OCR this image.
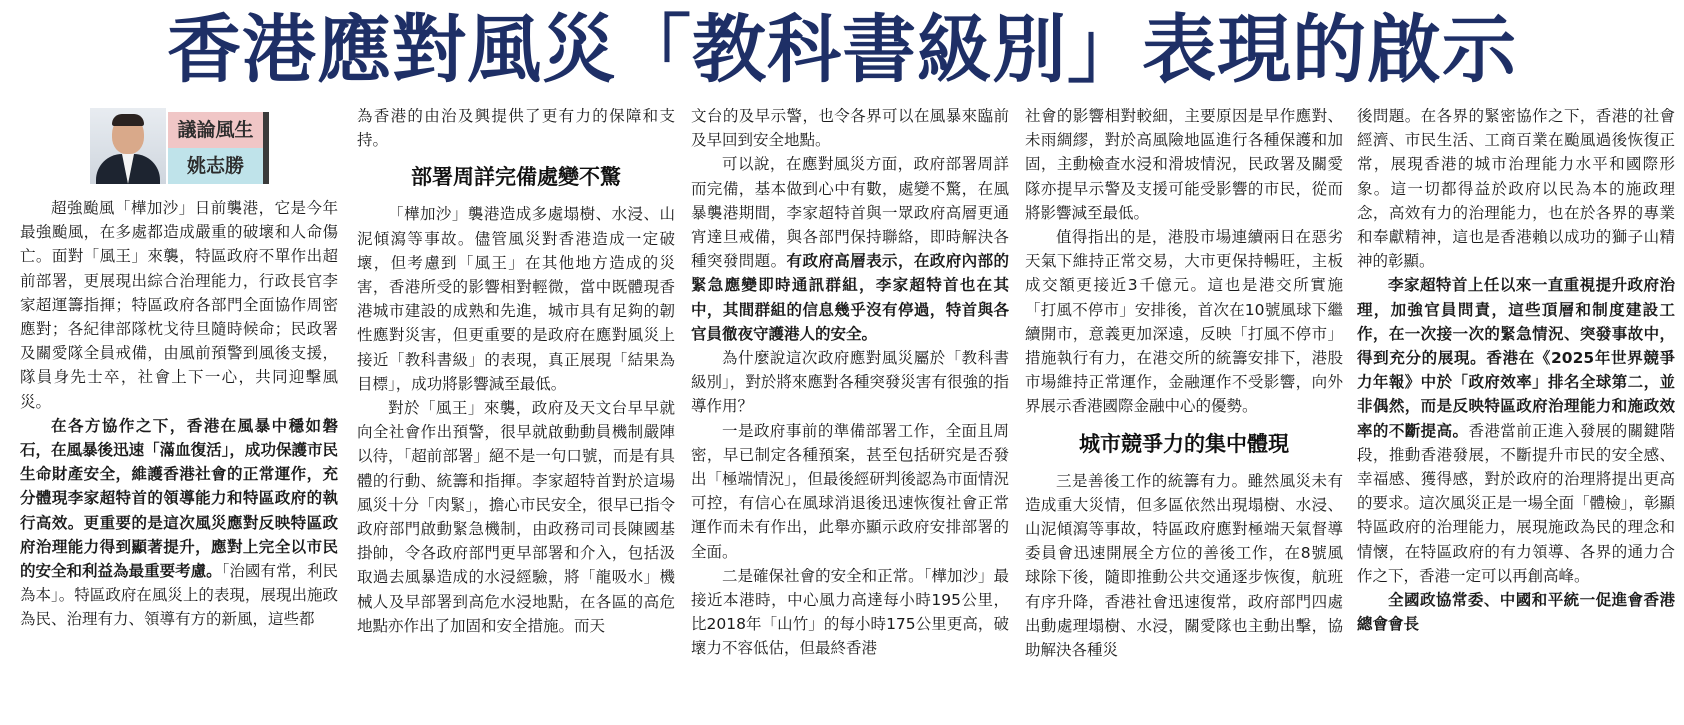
香港應對風災「教科書級別」表現的啟示
議論風生
姚志勝

超強颱風「樺加沙」日前襲港，它是今年最強颱風，在多處都造成嚴重的破壞和人命傷亡。面對「風王」來襲，特區政府不單作出超前部署，更展現出綜合治理能力，行政長官李家超運籌指揮；特區政府各部門全面協作周密應對；各紀律部隊枕戈待旦隨時候命；民政署及關愛隊全員戒備，由風前預警到風後支援，隊員身先士卒，社會上下一心，共同迎擊風災。

在各方協作之下，香港在風暴中穩如磐石，在風暴後迅速「滿血復活」，成功保護市民生命財產安全，維護香港社會的正常運作，充分體現李家超特首的領導能力和特區政府的執行高效。更重要的是這次風災應對反映特區政府治理能力得到顯著提升，應對上完全以市民的安全和利益為最重要考慮。「治國有常，利民為本」。特區政府在風災上的表現，展現出施政為民、治理有力、領導有方的新風，這些都

為香港的由治及興提供了更有力的保障和支持。

部署周詳完備處變不驚

「樺加沙」襲港造成多處塌樹、水浸、山泥傾瀉等事故。儘管風災對香港造成一定破壞，但考慮到「風王」在其他地方造成的災害，香港所受的影響相對輕微，當中既體現香港城市建設的成熟和先進，城市具有足夠的韌性應對災害，但更重要的是政府在應對風災上接近「教科書級」的表現，真正展現「結果為目標」，成功將影響減至最低。

對於「風王」來襲，政府及天文台早早就向全社會作出預警，很早就啟動動員機制嚴陣以待，「超前部署」絕不是一句口號，而是有具體的行動、統籌和指揮。李家超特首對於這場風災十分「肉緊」，擔心市民安全，很早已指令政府部門啟動緊急機制，由政務司司長陳國基掛帥，令各政府部門更早部署和介入，包括汲取過去風暴造成的水浸經驗，將「龍吸水」機械人及早部署到高危水浸地點，在各區的高危地點亦作出了加固和安全措施。而天

文台的及早示警，也令各界可以在風暴來臨前及早回到安全地點。

可以說，在應對風災方面，政府部署周詳而完備，基本做到心中有數，處變不驚，在風暴襲港期間，李家超特首與一眾政府高層更通宵達旦戒備，與各部門保持聯絡，即時解決各種突發問題。有政府高層表示，在政府內部的緊急應變即時通訊群組，李家超特首也在其中，其間群組的信息幾乎沒有停過，特首與各官員徹夜守護港人的安全。

為什麼說這次政府應對風災屬於「教科書級別」，對於將來應對各種突發災害有很強的指導作用？

一是政府事前的準備部署工作，全面且周密，早已制定各種預案，甚至包括研究是否發出「極端情況」，但最後經研判後認為市面情況可控，有信心在風球消退後迅速恢復社會正常運作而未有作出，此舉亦顯示政府安排部署的全面。

二是確保社會的安全和正常。「樺加沙」最接近本港時，中心風力高達每小時195公里，比2018年「山竹」的每小時175公里更高，破壞力不容低估，但最終香港

社會的影響相對較細，主要原因是早作應對、未雨綢繆，對於高風險地區進行各種保護和加固，主動檢查水浸和滑坡情況，民政署及關愛隊亦提早示警及支援可能受影響的市民，從而將影響減至最低。

值得指出的是，港股市場連續兩日在惡劣天氣下維持正常交易，大市更保持暢旺，主板成交額更接近3千億元。這也是港交所實施「打風不停市」安排後，首次在10號風球下繼續開市，意義更加深遠，反映「打風不停市」措施執行有力，在港交所的統籌安排下，港股市場維持正常運作，金融運作不受影響，向外界展示香港國際金融中心的優勢。

城市競爭力的集中體現

三是善後工作的統籌有力。雖然風災未有造成重大災情，但多區依然出現塌樹、水浸、山泥傾瀉等事故，特區政府應對極端天氣督導委員會迅速開展全方位的善後工作，在8號風球除下後，隨即推動公共交通逐步恢復，航班有序升降，香港社會迅速復常，政府部門四處出動處理塌樹、水浸，關愛隊也主動出擊，協助解決各種災

後問題。在各界的緊密協作之下，香港的社會經濟、市民生活、工商百業在颱風過後恢復正常，展現香港的城市治理能力水平和國際形象。這一切都得益於政府以民為本的施政理念，高效有力的治理能力，也在於各界的專業和奉獻精神，這也是香港賴以成功的獅子山精神的彰顯。

李家超特首上任以來一直重視提升政府治理，加強官員問責，這些頂層和制度建設工作，在一次接一次的緊急情況、突發事故中，得到充分的展現。香港在《2025年世界競爭力年報》中於「政府效率」排名全球第二，並非偶然，而是反映特區政府治理能力和施政效率的不斷提高。香港當前正進入發展的關鍵階段，推動香港發展，不斷提升市民的安全感、幸福感、獲得感，對於政府的治理將提出更高的要求。這次風災正是一場全面「體檢」，彰顯特區政府的治理能力，展現施政為民的理念和情懷，在特區政府的有力領導、各界的通力合作之下，香港一定可以再創高峰。

全國政協常委、中國和平統一促進會香港總會會長
